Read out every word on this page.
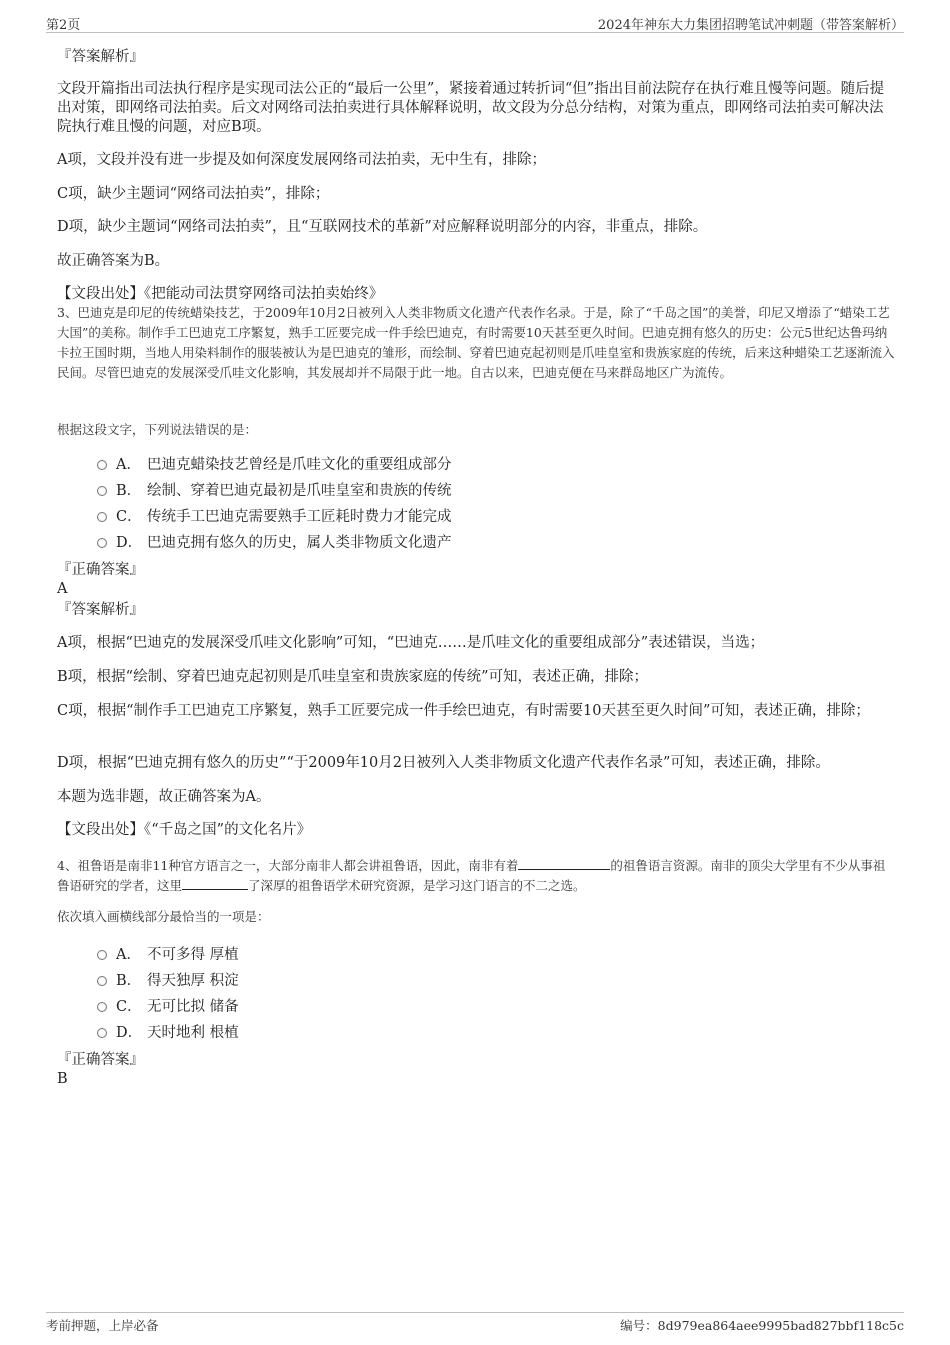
第2页	2024年神东大力集团招聘笔试冲刺题（带答案解析）

『答案解析』

文段开篇指出司法执行程序是实现司法公正的“最后一公里”，紧接着通过转折词“但”指出目前法院存在执行难且慢等问题。随后提出对策，即网络司法拍卖。后文对网络司法拍卖进行具体解释说明，故文段为分总分结构，对策为重点，即网络司法拍卖可解决法院执行难且慢的问题，对应B项。

A项，文段并没有进一步提及如何深度发展网络司法拍卖，无中生有，排除；

C项，缺少主题词“网络司法拍卖”，排除；

D项，缺少主题词“网络司法拍卖”，且“互联网技术的革新”对应解释说明部分的内容，非重点，排除。

故正确答案为B。

【文段出处】《把能动司法贯穿网络司法拍卖始终》

3、巴迪克是印尼的传统蜡染技艺，于2009年10月2日被列入人类非物质文化遗产代表作名录。于是，除了“千岛之国”的美誉，印尼又增添了“蜡染工艺大国”的美称。制作手工巴迪克工序繁复，熟手工匠要完成一件手绘巴迪克，有时需要10天甚至更久时间。巴迪克拥有悠久的历史：公元5世纪达鲁玛纳卡拉王国时期，当地人用染料制作的服装被认为是巴迪克的雏形，而绘制、穿着巴迪克起初则是爪哇皇室和贵族家庭的传统，后来这种蜡染工艺逐渐流入民间。尽管巴迪克的发展深受爪哇文化影响，其发展却并不局限于此一地。自古以来，巴迪克便在马来群岛地区广为流传。

根据这段文字，下列说法错误的是：

A． 巴迪克蜡染技艺曾经是爪哇文化的重要组成部分
B． 绘制、穿着巴迪克最初是爪哇皇室和贵族的传统
C． 传统手工巴迪克需要熟手工匠耗时费力才能完成
D． 巴迪克拥有悠久的历史，属人类非物质文化遗产

『正确答案』

A

『答案解析』

A项，根据“巴迪克的发展深受爪哇文化影响”可知，“巴迪克……是爪哇文化的重要组成部分”表述错误，当选；

B项，根据“绘制、穿着巴迪克起初则是爪哇皇室和贵族家庭的传统”可知，表述正确，排除；

C项，根据“制作手工巴迪克工序繁复，熟手工匠要完成一件手绘巴迪克，有时需要10天甚至更久时间”可知，表述正确，排除；

D项，根据“巴迪克拥有悠久的历史”“于2009年10月2日被列入人类非物质文化遗产代表作名录”可知，表述正确，排除。

本题为选非题，故正确答案为A。

【文段出处】《“千岛之国”的文化名片》

4、祖鲁语是南非11种官方语言之一，大部分南非人都会讲祖鲁语，因此，南非有着	的祖鲁语言资源。南非的顶尖大学里有不少从事祖鲁语研究的学者，这里	了深厚的祖鲁语学术研究资源，是学习这门语言的不二之选。

依次填入画横线部分最恰当的一项是：

A． 不可多得 厚植
B． 得天独厚 积淀
C． 无可比拟 储备
D． 天时地利 根植

『正确答案』

B

考前押题，上岸必备	编号：8d979ea864aee9995bad827bbf118c5c
